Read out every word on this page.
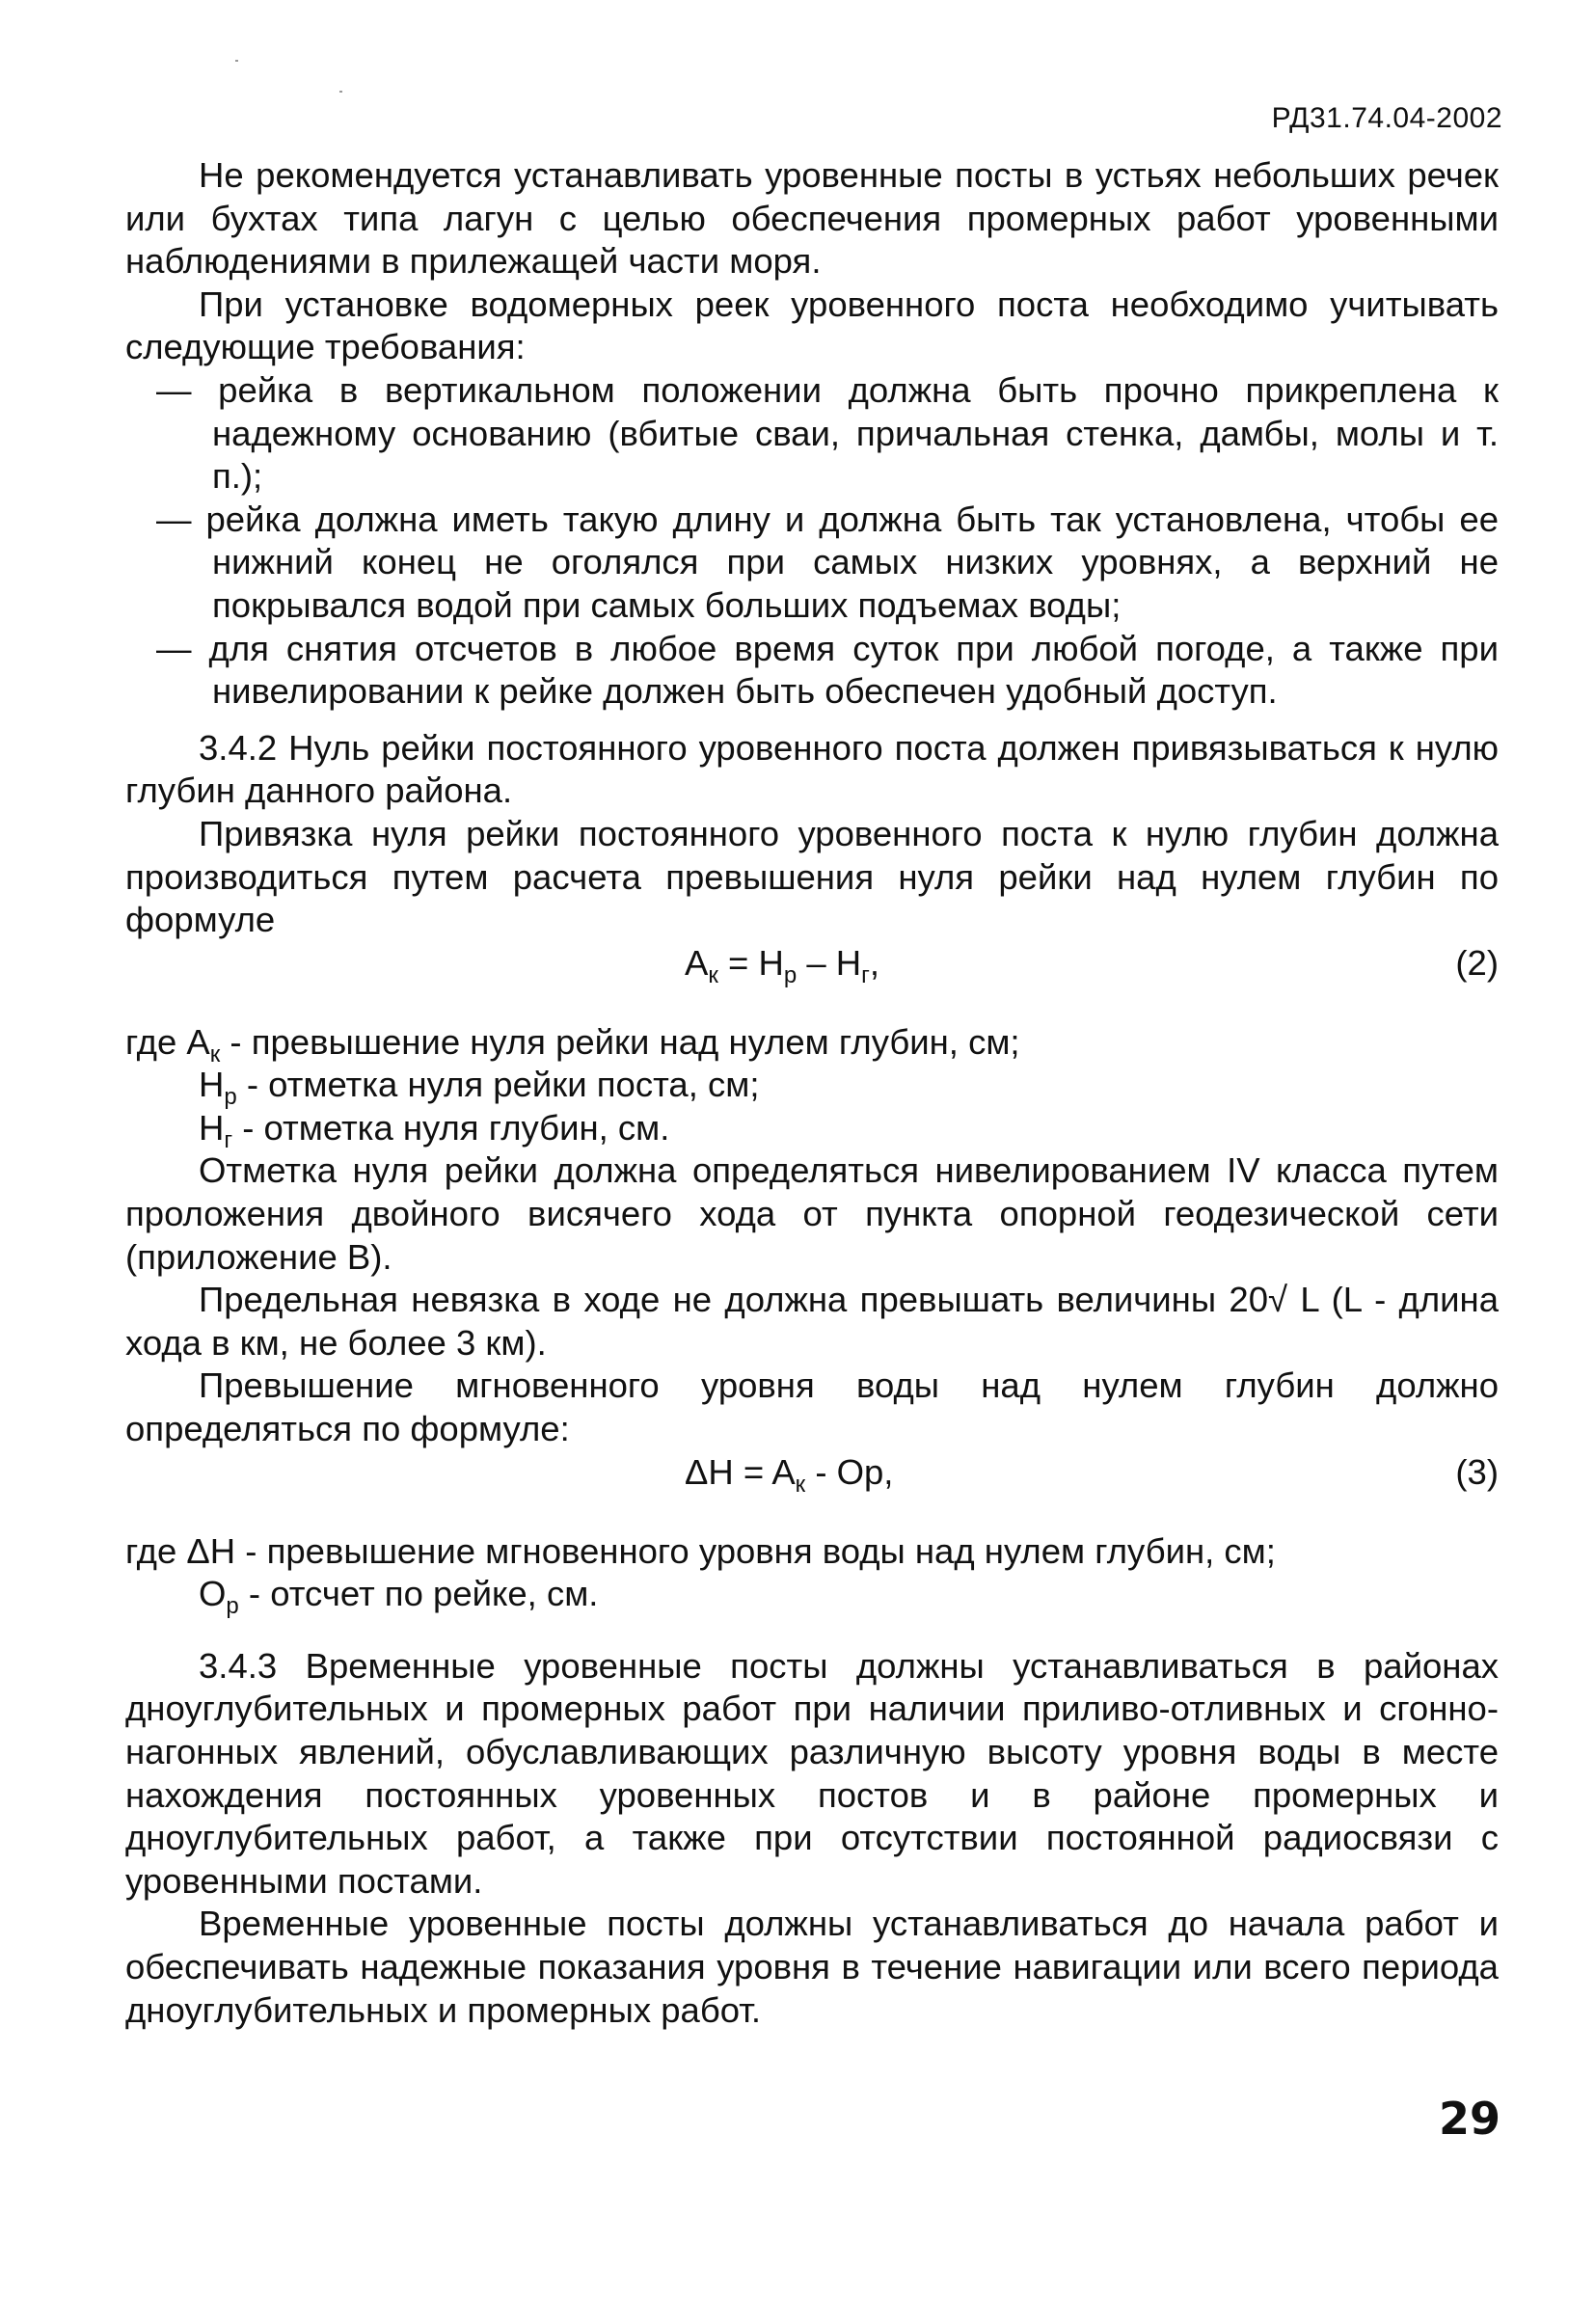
РД31.74.04-2002

Не рекомендуется устанавливать уровенные посты в устьях небольших речек или бухтах типа лагун с целью обеспечения промерных работ уровенными наблюдениями в прилежащей части моря.

При установке водомерных реек уровенного поста необходимо учитывать следующие требования:

— рейка в вертикальном положении должна быть прочно прикреплена к надежному основанию (вбитые сваи, причальная стенка, дамбы, молы и т. п.);

— рейка должна иметь такую длину и должна быть так установлена, чтобы ее нижний конец не оголялся при самых низких уровнях, а верхний не покрывался водой при самых больших подъемах воды;

— для снятия отсчетов в любое время суток при любой погоде, а также при нивелировании к рейке должен быть обеспечен удобный доступ.

3.4.2 Нуль рейки постоянного уровенного поста должен привязываться к нулю глубин данного района.

Привязка нуля рейки постоянного уровенного поста к нулю глубин должна производиться путем расчета превышения нуля рейки над нулем глубин по формуле

$A_к = H_р - H_г$,	(2)

где $A_к$ - превышение нуля рейки над нулем глубин, см;

$H_р$ - отметка нуля рейки поста, см;

$H_г$ - отметка нуля глубин, см.

Отметка нуля рейки должна определяться нивелированием IV класса путем проложения двойного висячего хода от пункта опорной геодезической сети (приложение В).

Предельная невязка в ходе не должна превышать величины 20√ L (L - длина хода в км, не более 3 км).

Превышение мгновенного уровня воды над нулем глубин должно определяться по формуле:

$\Delta H = A_к$ - Ор,	(3)

где ΔH - превышение мгновенного уровня воды над нулем глубин, см;

$О_р$ - отсчет по рейке, см.

3.4.3 Временные уровенные посты должны устанавливаться в районах дноуглубительных и промерных работ при наличии приливо-отливных и сгонно-нагонных явлений, обуславливающих различную высоту уровня воды в месте нахождения постоянных уровенных постов и в районе промерных и дноуглубительных работ, а также при отсутствии постоянной радиосвязи с уровенными постами.

Временные уровенные посты должны устанавливаться до начала работ и обеспечивать надежные показания уровня в течение навигации или всего периода дноуглубительных и промерных работ.

29
